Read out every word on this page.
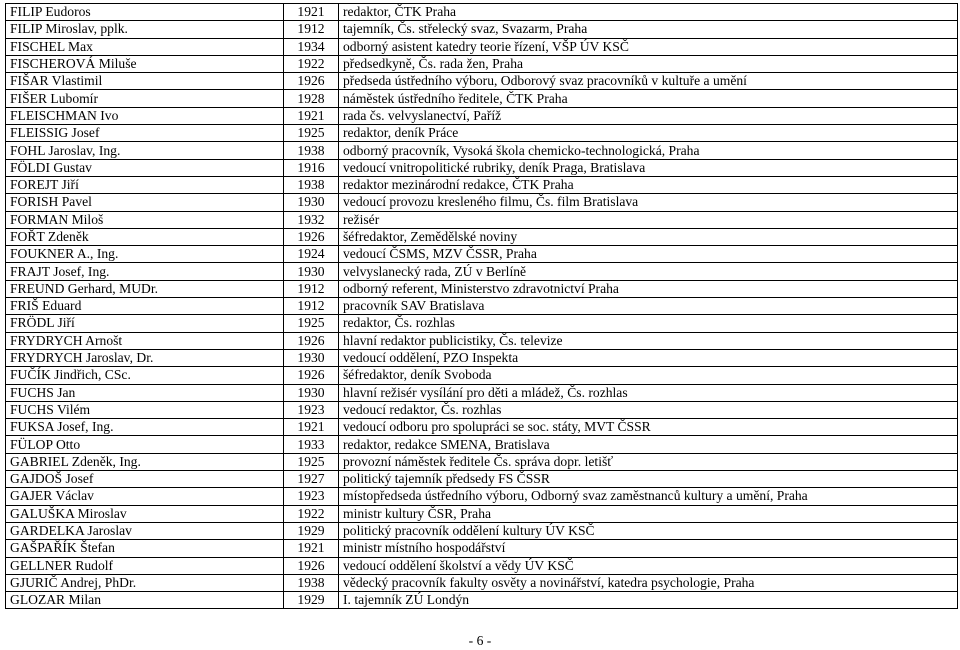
FILIP Eudoros	1921	redaktor, ČTK Praha
FILIP Miroslav, pplk.	1912	tajemník, Čs. střelecký svaz, Svazarm, Praha
FISCHEL Max	1934	odborný asistent katedry teorie řízení, VŠP ÚV KSČ
FISCHEROVÁ Miluše	1922	předsedkyně, Čs. rada žen, Praha
FIŠAR Vlastimil	1926	předseda ústředního výboru, Odborový svaz pracovníků v kultuře a umění
FIŠER Lubomír	1928	náměstek ústředního ředitele, ČTK Praha
FLEISCHMAN Ivo	1921	rada čs. velvyslanectví, Paříž
FLEISSIG Josef	1925	redaktor, deník Práce
FOHL Jaroslav, Ing.	1938	odborný pracovník, Vysoká škola chemicko-technologická, Praha
FÖLDI Gustav	1916	vedoucí vnitropolitické rubriky, deník Praga, Bratislava
FOREJT Jiří	1938	redaktor mezinárodní redakce, ČTK Praha
FORISH Pavel	1930	vedoucí provozu kresleného filmu, Čs. film Bratislava
FORMAN Miloš	1932	režisér
FOŘT Zdeněk	1926	šéfredaktor, Zemědělské noviny
FOUKNER A., Ing.	1924	vedoucí ČSMS, MZV ČSSR, Praha
FRAJT Josef, Ing.	1930	velvyslanecký rada, ZÚ v Berlíně
FREUND Gerhard, MUDr.	1912	odborný referent, Ministerstvo zdravotnictví Praha
FRIŠ Eduard	1912	pracovník SAV Bratislava
FRÖDL Jiří	1925	redaktor, Čs. rozhlas
FRYDRYCH Arnošt	1926	hlavní redaktor publicistiky, Čs. televize
FRYDRYCH Jaroslav, Dr.	1930	vedoucí oddělení, PZO Inspekta
FUČÍK Jindřich, CSc.	1926	šéfredaktor, deník Svoboda
FUCHS Jan	1930	hlavní režisér vysílání pro děti a mládež, Čs. rozhlas
FUCHS Vilém	1923	vedoucí redaktor, Čs. rozhlas
FUKSA Josef, Ing.	1921	vedoucí odboru pro spolupráci se soc. státy, MVT ČSSR
FÜLOP Otto	1933	redaktor, redakce SMENA, Bratislava
GABRIEL Zdeněk, Ing.	1925	provozní náměstek ředitele Čs. správa dopr. letišť
GAJDOŠ Josef	1927	politický tajemník předsedy FS ČSSR
GAJER Václav	1923	místopředseda ústředního výboru, Odborný svaz zaměstnanců kultury a umění, Praha
GALUŠKA Miroslav	1922	ministr kultury ČSR, Praha
GARDELKA Jaroslav	1929	politický pracovník oddělení kultury ÚV KSČ
GAŠPAŘÍK Štefan	1921	ministr místního hospodářství
GELLNER Rudolf	1926	vedoucí oddělení školství a vědy ÚV KSČ
GJURIČ Andrej, PhDr.	1938	vědecký pracovník fakulty osvěty a novinářství, katedra psychologie, Praha
GLOZAR Milan	1929	I. tajemník ZÚ Londýn
- 6 -
